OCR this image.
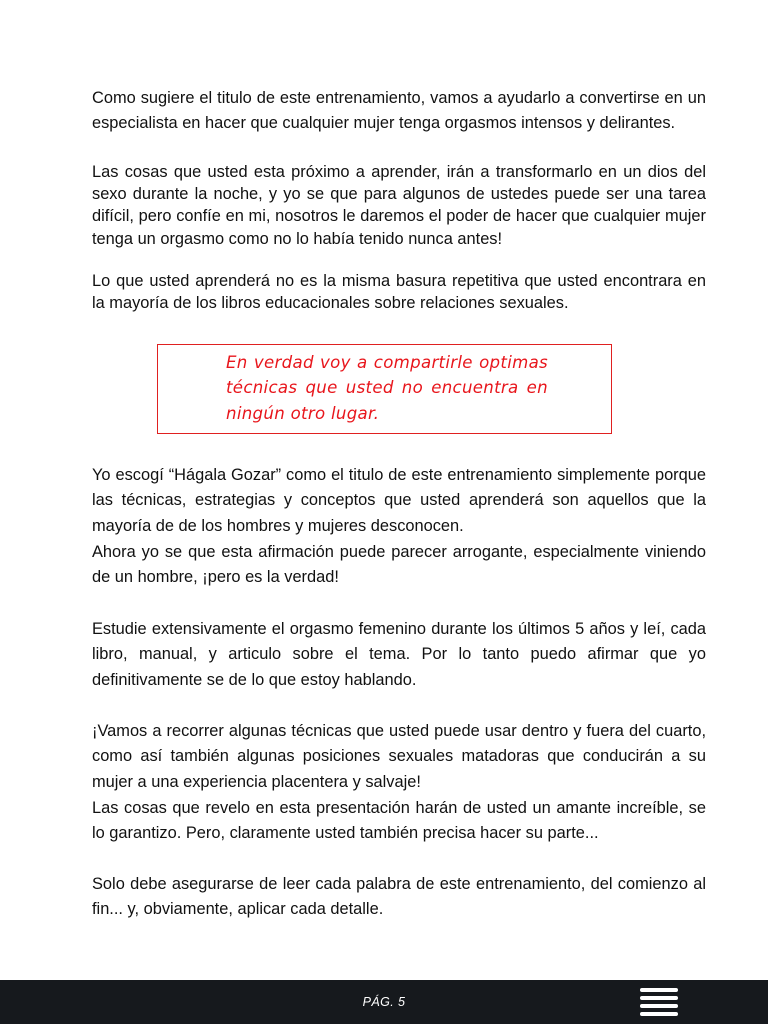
Como sugiere el titulo de este entrenamiento, vamos a ayudarlo a convertirse en un especialista en hacer que cualquier mujer tenga orgasmos intensos y delirantes.

Las cosas que usted esta próximo a aprender, irán a transformarlo en un dios del sexo durante la noche, y yo se que para algunos de ustedes puede ser una tarea difícil, pero confíe en mi, nosotros le daremos el poder de hacer que cualquier mujer tenga un orgasmo como no lo había tenido nunca antes!

Lo que usted aprenderá no es la misma basura repetitiva que usted encontrara en la mayoría de los libros educacionales sobre relaciones sexuales.

En verdad voy a compartirle optimas técnicas que usted no encuentra en ningún otro lugar.

Yo escogí “Hágala Gozar” como el titulo de este entrenamiento simplemente porque las técnicas, estrategias y conceptos que usted aprenderá son aquellos que la mayoría de de los hombres y mujeres desconocen.

Ahora yo se que esta afirmación puede parecer arrogante, especialmente viniendo de un hombre, ¡pero es la verdad!

Estudie extensivamente el orgasmo femenino durante los últimos 5 años y leí, cada libro, manual, y articulo sobre el tema. Por lo tanto puedo afirmar que yo definitivamente se de lo que estoy hablando.

¡Vamos a recorrer algunas técnicas que usted puede usar dentro y fuera del cuarto, como así también algunas posiciones sexuales matadoras que conducirán a su mujer a una experiencia placentera y salvaje!

Las cosas que revelo en esta presentación harán de usted un amante increíble, se lo garantizo. Pero, claramente usted también precisa hacer su parte...

Solo debe asegurarse de leer cada palabra de este entrenamiento, del comienzo al fin... y, obviamente, aplicar cada detalle.

PÁG. 5
